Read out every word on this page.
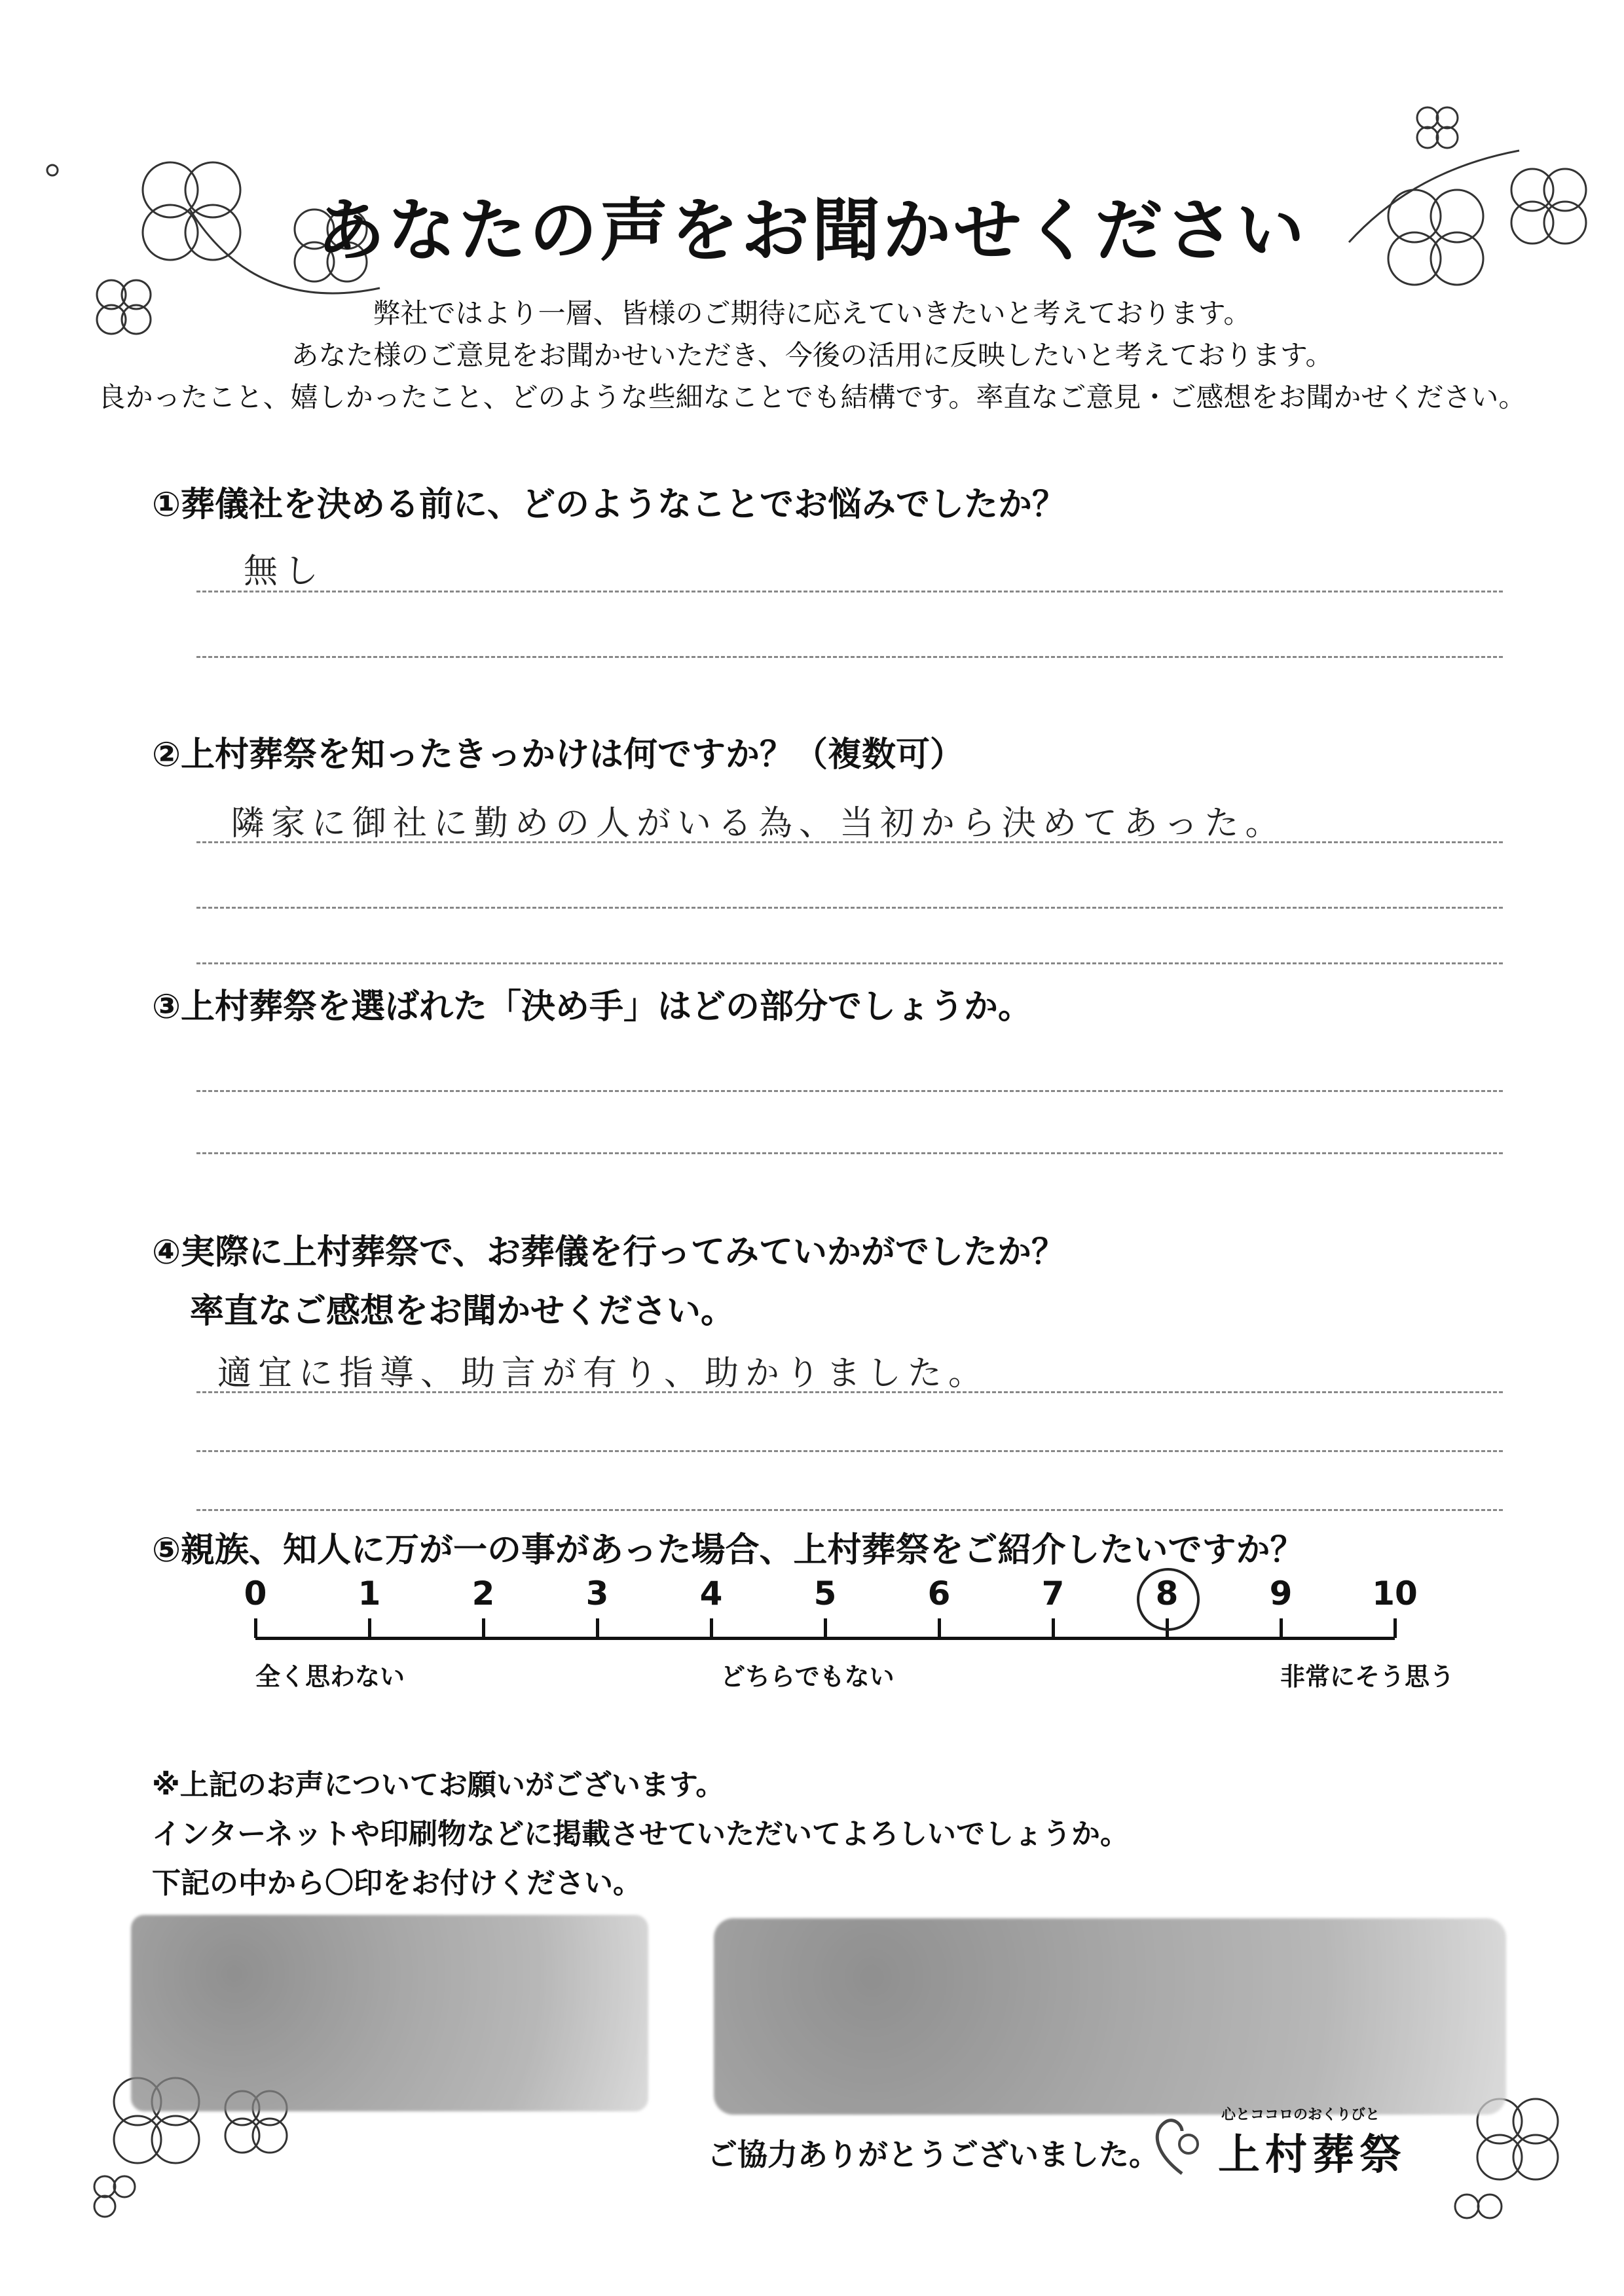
あなたの声をお聞かせください
弊社ではより一層、皆様のご期待に応えていきたいと考えております。
あなた様のご意見をお聞かせいただき、今後の活用に反映したいと考えております。
良かったこと、嬉しかったこと、どのような些細なことでも結構です。率直なご意見・ご感想をお聞かせください。
①葬儀社を決める前に、どのようなことでお悩みでしたか？
無し
②上村葬祭を知ったきっかけは何ですか？（複数可）
隣家に御社に勤めの人がいる為、当初から決めてあった。
③上村葬祭を選ばれた「決め手」はどの部分でしょうか。
④実際に上村葬祭で、お葬儀を行ってみていかがでしたか？
率直なご感想をお聞かせください。
適宜に指導、助言が有り、助かりました。
⑤親族、知人に万が一の事があった場合、上村葬祭をご紹介したいですか？
0	1	2	3	4	5	6	7	8	9	10
全く思わない	どちらでもない	非常にそう思う
※上記のお声についてお願いがございます。
インターネットや印刷物などに掲載させていただいてよろしいでしょうか。
下記の中から〇印をお付けください。
ご協力ありがとうございました。
心とココロのおくりびと
上村葬祭
